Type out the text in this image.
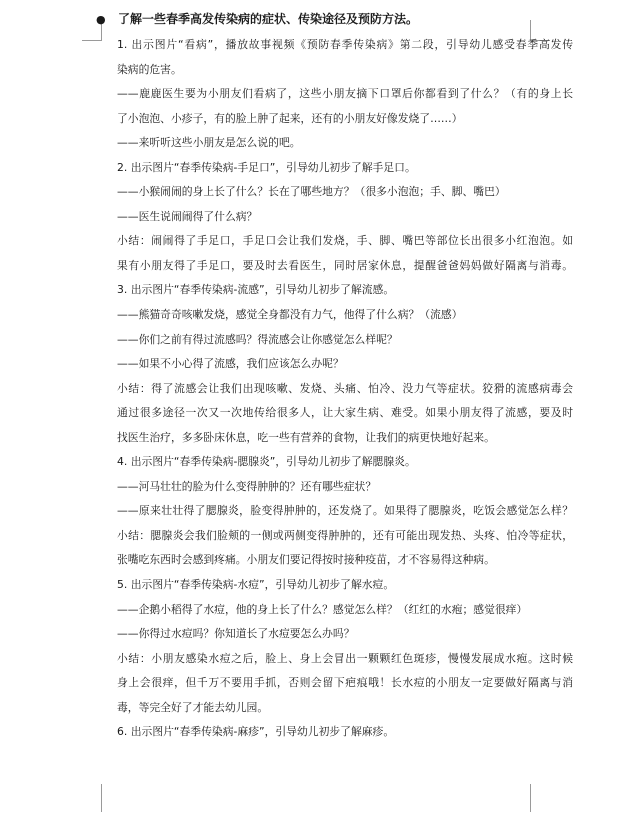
● 了解一些春季高发传染病的症状、传染途径及预防方法。
1. 出示图片“看病”，播放故事视频《预防春季传染病》第二段，引导幼儿感受春季高发传
染病的危害。
——鹿鹿医生要为小朋友们看病了，这些小朋友摘下口罩后你都看到了什么？（有的身上长
了小泡泡、小疹子，有的脸上肿了起来，还有的小朋友好像发烧了……）
——来听听这些小朋友是怎么说的吧。
2. 出示图片“春季传染病-手足口”，引导幼儿初步了解手足口。
——小猴闹闹的身上长了什么？长在了哪些地方？（很多小泡泡；手、脚、嘴巴）
——医生说闹闹得了什么病？
小结：闹闹得了手足口，手足口会让我们发烧，手、脚、嘴巴等部位长出很多小红泡泡。如
果有小朋友得了手足口，要及时去看医生，同时居家休息，提醒爸爸妈妈做好隔离与消毒。
3. 出示图片“春季传染病-流感”，引导幼儿初步了解流感。
——熊猫奇奇咳嗽发烧，感觉全身都没有力气，他得了什么病？（流感）
——你们之前有得过流感吗？得流感会让你感觉怎么样呢？
——如果不小心得了流感，我们应该怎么办呢？
小结：得了流感会让我们出现咳嗽、发烧、头痛、怕冷、没力气等症状。狡猾的流感病毒会
通过很多途径一次又一次地传给很多人，让大家生病、难受。如果小朋友得了流感，要及时
找医生治疗，多多卧床休息，吃一些有营养的食物，让我们的病更快地好起来。
4. 出示图片“春季传染病-腮腺炎”，引导幼儿初步了解腮腺炎。
——河马壮壮的脸为什么变得肿肿的？还有哪些症状？
——原来壮壮得了腮腺炎，脸变得肿肿的，还发烧了。如果得了腮腺炎，吃饭会感觉怎么样？
小结：腮腺炎会我们脸颊的一侧或两侧变得肿肿的，还有可能出现发热、头疼、怕冷等症状，
张嘴吃东西时会感到疼痛。小朋友们要记得按时接种疫苗，才不容易得这种病。
5. 出示图片“春季传染病-水痘”，引导幼儿初步了解水痘。
——企鹅小稻得了水痘，他的身上长了什么？感觉怎么样？（红红的水疱；感觉很痒）
——你得过水痘吗？你知道长了水痘要怎么办吗？
小结：小朋友感染水痘之后，脸上、身上会冒出一颗颗红色斑疹，慢慢发展成水疱。这时候
身上会很痒，但千万不要用手抓，否则会留下疤痕哦！长水痘的小朋友一定要做好隔离与消
毒，等完全好了才能去幼儿园。
6. 出示图片“春季传染病-麻疹”，引导幼儿初步了解麻疹。
